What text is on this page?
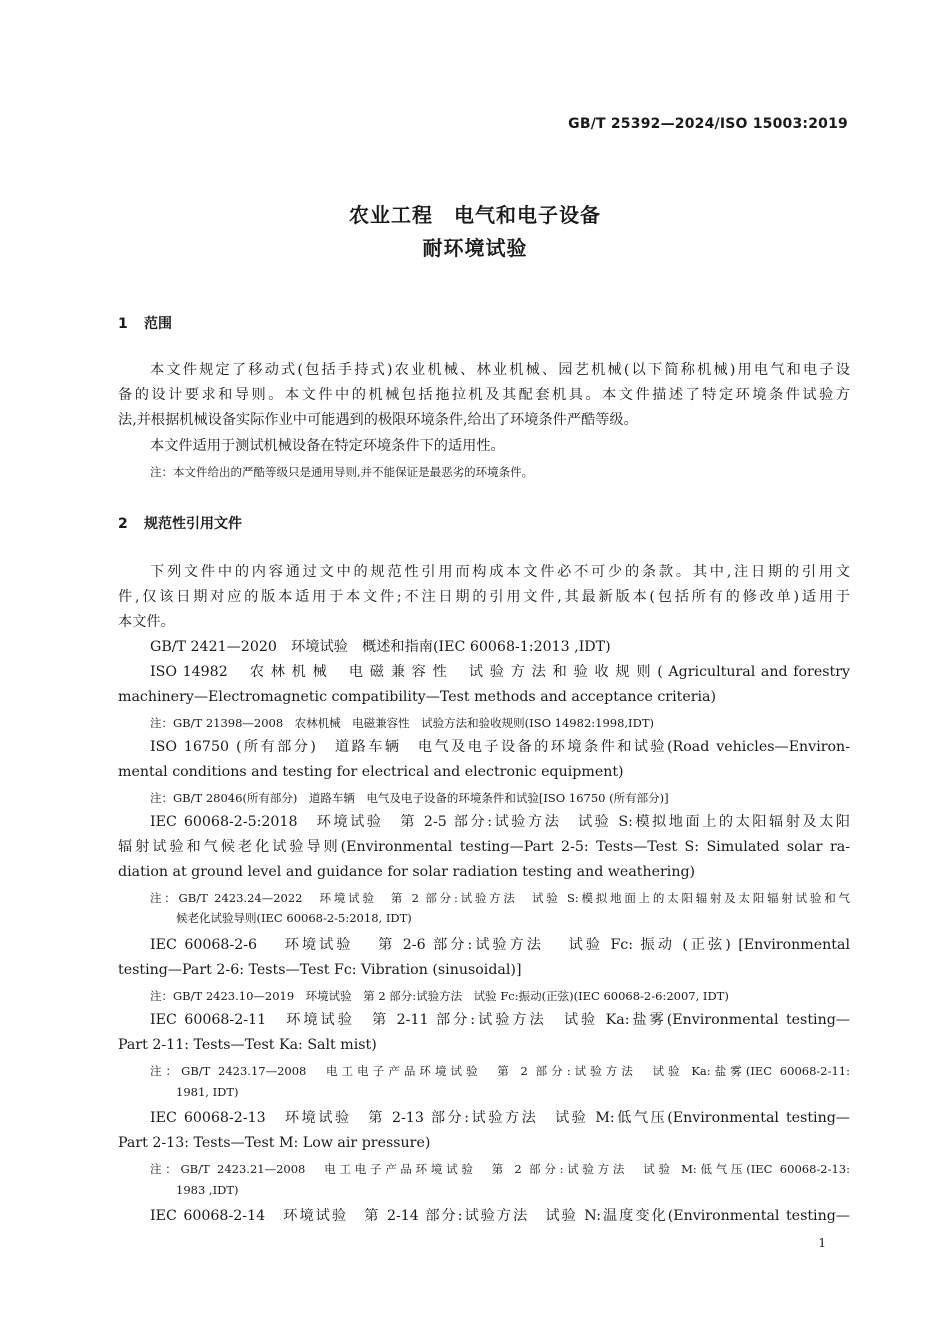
GB/T 25392—2024/ISO 15003:2019
农业工程　电气和电子设备
耐环境试验
1 范围
本文件规定了移动式(包括手持式)农业机械、林业机械、园艺机械(以下简称机械)用电气和电子设
备的设计要求和导则。本文件中的机械包括拖拉机及其配套机具。本文件描述了特定环境条件试验方
法,并根据机械设备实际作业中可能遇到的极限环境条件,给出了环境条件严酷等级。
本文件适用于测试机械设备在特定环境条件下的适用性。
注：本文件给出的严酷等级只是通用导则,并不能保证是最恶劣的环境条件。
2 规范性引用文件
下列文件中的内容通过文中的规范性引用而构成本文件必不可少的条款。其中,注日期的引用文
件,仅该日期对应的版本适用于本文件;不注日期的引用文件,其最新版本(包括所有的修改单)适用于
本文件。
GB/T 2421—2020　环境试验　概述和指南(IEC 60068-1:2013 ,IDT)
ISO 14982　 农 林 机 械　 电 磁 兼 容 性　 试 验 方 法 和 验 收 规 则 ( Agricultural and forestry
machinery—Electromagnetic compatibility—Test methods and acceptance criteria)
注：GB/T 21398—2008　农林机械　电磁兼容性　试验方法和验收规则(ISO 14982:1998,IDT)
ISO 16750 (所有部分)　道路车辆　电气及电子设备的环境条件和试验(Road vehicles—Environ-
mental conditions and testing for electrical and electronic equipment)
注：GB/T 28046(所有部分)　道路车辆　电气及电子设备的环境条件和试验[ISO 16750 (所有部分)]
IEC 60068-2-5:2018　环境试验　第 2-5 部分:试验方法　试验 S:模拟地面上的太阳辐射及太阳
辐射试验和气候老化试验导则(Environmental testing—Part 2-5: Tests—Test S: Simulated solar ra-
diation at ground level and guidance for solar radiation testing and weathering)
注：GB/T 2423.24—2022　环境试验　第 2 部分:试验方法　试验 S:模拟地面上的太阳辐射及太阳辐射试验和气
候老化试验导则(IEC 60068-2-5:2018, IDT)
IEC 60068-2-6　 环境试验　 第 2-6 部分:试验方法　 试验 Fc: 振动 (正弦) [Environmental
testing—Part 2-6: Tests—Test Fc: Vibration (sinusoidal)]
注：GB/T 2423.10—2019　环境试验　第 2 部分:试验方法　试验 Fc:振动(正弦)(IEC 60068-2-6:2007, IDT)
IEC 60068-2-11　环境试验　第 2-11 部分:试验方法　试验 Ka:盐雾(Environmental testing—
Part 2-11: Tests—Test Ka: Salt mist)
注：GB/T 2423.17—2008　电工电子产品环境试验　第 2 部分:试验方法　试验 Ka:盐雾(IEC 60068-2-11:
1981, IDT)
IEC 60068-2-13　环境试验　第 2-13 部分:试验方法　试验 M:低气压(Environmental testing—
Part 2-13: Tests—Test M: Low air pressure)
注：GB/T 2423.21—2008　电工电子产品环境试验　第 2 部分:试验方法　试验 M:低气压(IEC 60068-2-13:
1983 ,IDT)
IEC 60068-2-14　环境试验　第 2-14 部分:试验方法　试验 N:温度变化(Environmental testing—
1
